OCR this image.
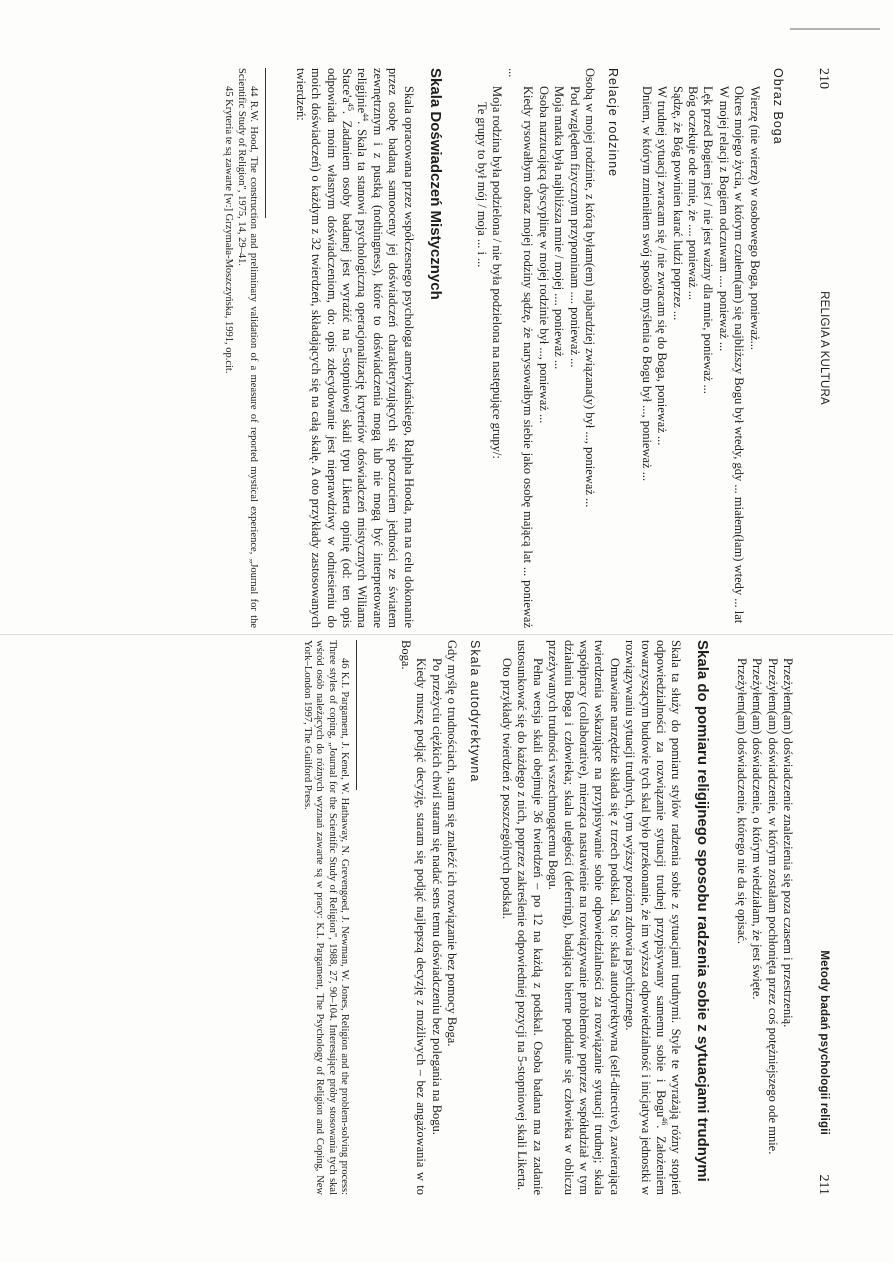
210
RELIGIA A KULTURA
Obraz Boga

Wierzę (nie wierzę) w osobowego Boga, ponieważ...

Okres mojego życia, w którym czułem(am) się najbliższy Bogu był wtedy, gdy ... miałem(łam) wtedy ... lat

W mojej relacji z Bogiem odczuwam .... ponieważ ...

Lęk przed Bogiem jest / nie jest ważny dla mnie, ponieważ ...

Bóg oczekuje ode mnie, że .... ponieważ ...

Sądzę, że Bóg powinien karać ludzi poprzez ...

W trudnej sytuacji zwracam się / nie zwracam się do Boga, ponieważ ...

Dniem, w którym zmieniłem swój sposób myślenia o Bogu był ..., ponieważ ...

Relacje rodzinne

Osobą w mojej rodzinie, z którą byłam(em) najbardziej związana(y) był ..., ponieważ ...

Pod względem fizycznym przypominam .... ponieważ ...

Moja matka była najbliższa mnie / mojej .... ponieważ ...

Osoba narzucającą dyscyplinę w mojej rodzinie był ..., ponieważ ...

Kiedy rysowałbym obraz mojej rodziny sądzę, że narysowałbym siebie jako osobę mającą lat ... ponieważ ...

Moja rodzina była podzielona / nie była podzielona na następujące grupy/:

Te grupy to był mój / moja ... i ...

Skala Doświadczeń Mistycznych

Skala opracowana przez współczesnego psychologa amerykańskiego, Ralpha Hooda, ma na celu dokonanie przez osobę badaną samooceny jej doświadczeń charakteryzujących się poczuciem jedności ze światem zewnętrznym i z pustką (nothingness), które to doświadczenia mogą lub nie mogą być interpretowane religijnie$^{44}$. Skala ta stanowi psychologiczną operacjonalizację kryteriów doświadczeń mistycznych Wiliama $Stace'a^{45}$. Zadaniem osoby badanej jest wyrażić na 5-stopniowej skali typu Likerta opinię (od: ten opis odpowiada moim własnym doświadczeniom, do: opis zdecydowanie jest nieprawdziwy w odniesieniu do moich doświadczeń) o każdym z 32 twierdzeń, składających się na całą skalę. A oto przykłady zastosowanych twierdzeń:

44 R.W. Hood, The construction and preliminary validation of a measure of reported mystical experience, „Journal for the Scientific Study of Religion", 1975, 14, 29–41.

45 Kryteria te są zawarte [w:] Grzymała-Moszczyńska, 1991, op.cit.

Metody badań psychologii religii
211

Przeżyłem(am) doświadczenie znalezienia się poza czasem i przestrzenią.

Przeżyłem(am) doświadczenie, w którym zostałam pochłonięta przez coś potężniejszego ode mnie.

Przeżyłem(am) doświadczenie, o którym wiedziałam, że jest święte.

Przeżyłem(am) doświadczenie, którego nie da się opisać.

Skala do pomiaru religijnego sposobu radzenia sobie z sytuacjami trudnymi

Skala ta służy do pomiaru stylów radzenia sobie z sytuacjami trudnymi. Style te wyrażają różny stopień odpowiedzialności za rozwiązanie sytuacji trudnej przypisywany samemu sobie i Bogu$^{46}$. Założeniem towarzyszącym budowie tych skal było przekonanie, że im wyższa odpowiedzialność i inicjatywa jednostki w rozwiązywaniu sytuacji trudnych, tym wyższy poziom zdrowia psychicznego.

Omawiane narzędzie składa się z trzech podskal. Są to: skala autodyrektywna (self-directive), zawierająca twierdzenia wskazujące na przypisywanie sobie odpowiedzialności za rozwiązanie sytuacji trudnej; skala współpracy (collaborative), mierząca nastawienie na rozwiązywanie problemów poprzez współudział w tym działaniu Boga i człowieka; skala uległości (deferring), badająca bierne poddanie się człowieka w obliczu przeżywanych trudności wszechmogącemu Bogu.

Pełna wersja skali obejmuje 36 twierdzeń – po 12 na każdą z podskal. Osoba badana ma za zadanie ustosunkować się do każdego z nich, poprzez zakreślenie odpowiedniej pozycji na 5-stopniowej skali Likerta.

Oto przykłady twierdzeń z poszczególnych podskal.

Skala autodyrektywna

Gdy myślę o trudnościach, staram się znaleźć ich rozwiązanie bez pomocy Boga.

Po przeżyciu ciężkich chwil staram się nadać sens temu doświadczeniu bez polegania na Bogu.

Kiedy muszę podjąć decyzję, staram się podjąć najlepszą decyzję z możliwych – bez angażowania w to Boga.

46 K.I. Pargament, J. Kenel, W. Hathaway, N. Grevengoed, J. Newman, W. Jones, Religion and the problem-solving process: Three styles of coping, „Journal for the Scientific Study of Religion", 1988, 27, 90–104. Interesujące próby stosowania tych skal wśród osób należących do różnych wyznań zawarte są w pracy: K.I. Pargament, The Psychology of Religion and Coping, New York–London 1997, The Guilford Press.
